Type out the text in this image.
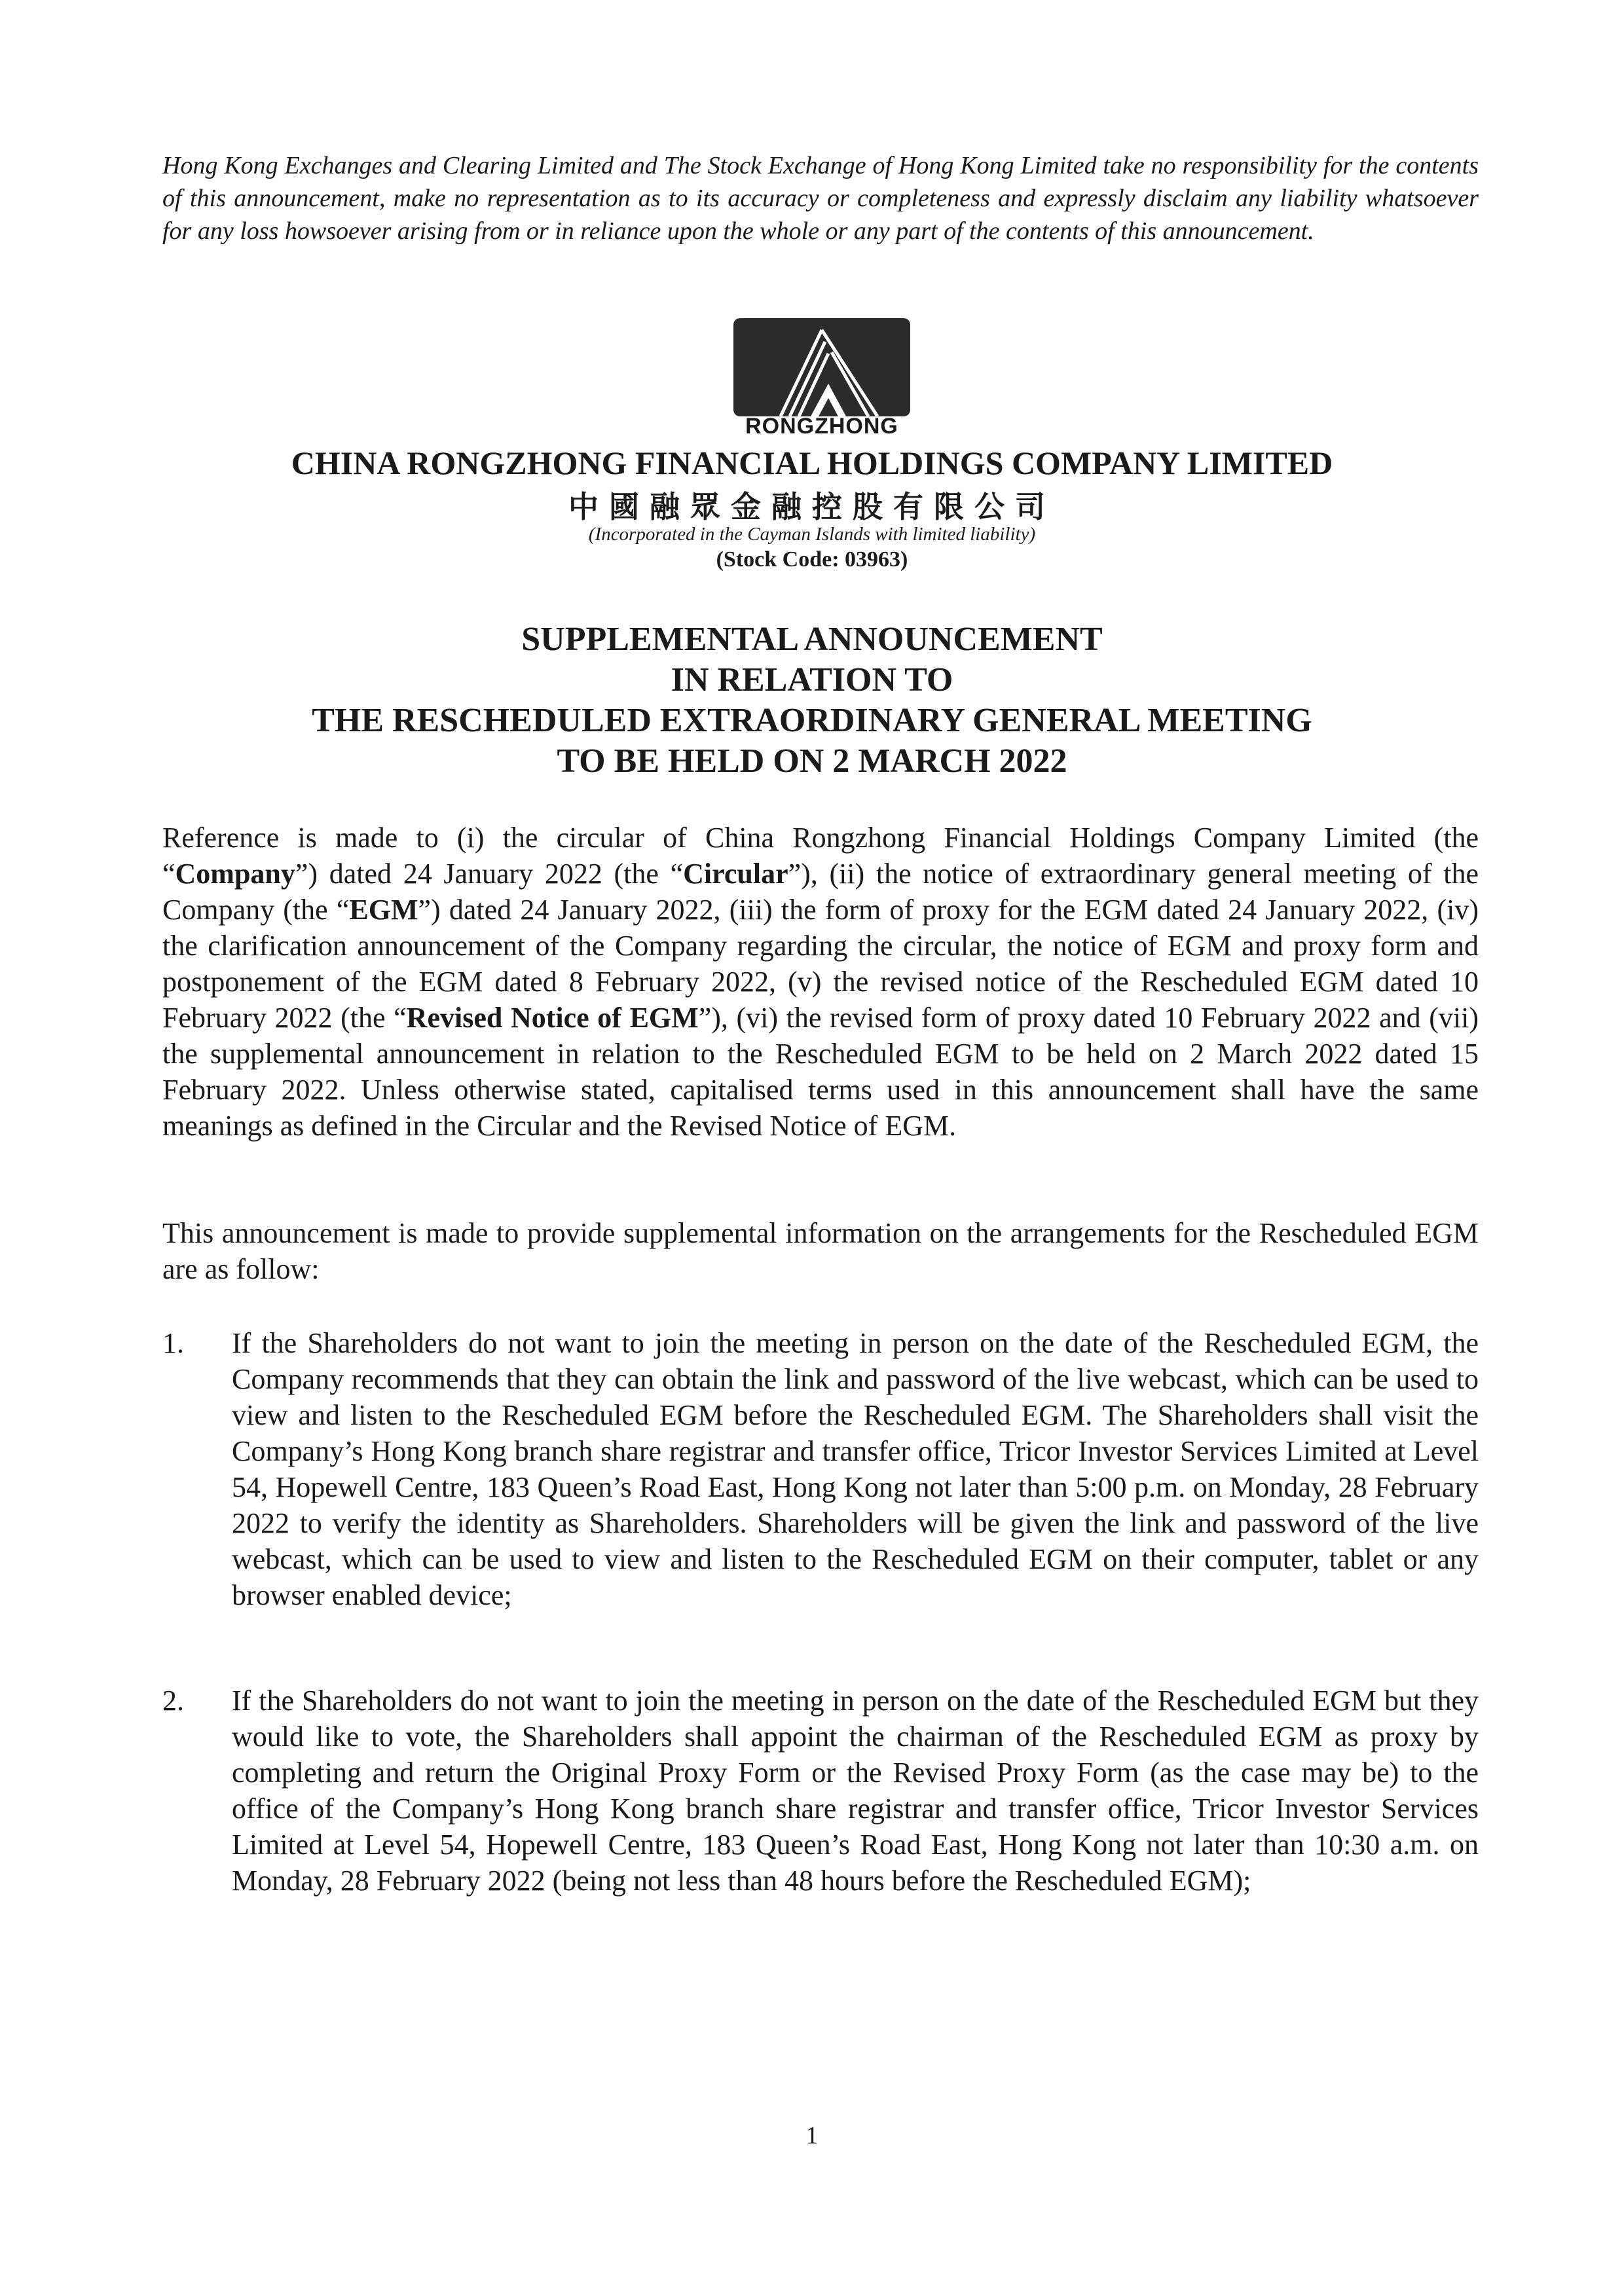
Hong Kong Exchanges and Clearing Limited and The Stock Exchange of Hong Kong Limited take no responsibility for the contents of this announcement, make no representation as to its accuracy or completeness and expressly disclaim any liability whatsoever for any loss howsoever arising from or in reliance upon the whole or any part of the contents of this announcement.

RONGZHONG

CHINA RONGZHONG FINANCIAL HOLDINGS COMPANY LIMITED

中國融眾金融控股有限公司

(Incorporated in the Cayman Islands with limited liability)

(Stock Code: 03963)

SUPPLEMENTAL ANNOUNCEMENT
IN RELATION TO
THE RESCHEDULED EXTRAORDINARY GENERAL MEETING
TO BE HELD ON 2 MARCH 2022

Reference is made to (i) the circular of China Rongzhong Financial Holdings Company Limited (the “Company”) dated 24 January 2022 (the “Circular”), (ii) the notice of extraordinary general meeting of the Company (the “EGM”) dated 24 January 2022, (iii) the form of proxy for the EGM dated 24 January 2022, (iv) the clarification announcement of the Company regarding the circular, the notice of EGM and proxy form and postponement of the EGM dated 8 February 2022, (v) the revised notice of the Rescheduled EGM dated 10 February 2022 (the “Revised Notice of EGM”), (vi) the revised form of proxy dated 10 February 2022 and (vii) the supplemental announcement in relation to the Rescheduled EGM to be held on 2 March 2022 dated 15 February 2022. Unless otherwise stated, capitalised terms used in this announcement shall have the same meanings as defined in the Circular and the Revised Notice of EGM.

This announcement is made to provide supplemental information on the arrangements for the Rescheduled EGM are as follow:

1.	If the Shareholders do not want to join the meeting in person on the date of the Rescheduled EGM, the Company recommends that they can obtain the link and password of the live webcast, which can be used to view and listen to the Rescheduled EGM before the Rescheduled EGM. The Shareholders shall visit the Company’s Hong Kong branch share registrar and transfer office, Tricor Investor Services Limited at Level 54, Hopewell Centre, 183 Queen’s Road East, Hong Kong not later than 5:00 p.m. on Monday, 28 February 2022 to verify the identity as Shareholders. Shareholders will be given the link and password of the live webcast, which can be used to view and listen to the Rescheduled EGM on their computer, tablet or any browser enabled device;
2.	If the Shareholders do not want to join the meeting in person on the date of the Rescheduled EGM but they would like to vote, the Shareholders shall appoint the chairman of the Rescheduled EGM as proxy by completing and return the Original Proxy Form or the Revised Proxy Form (as the case may be) to the office of the Company’s Hong Kong branch share registrar and transfer office, Tricor Investor Services Limited at Level 54, Hopewell Centre, 183 Queen’s Road East, Hong Kong not later than 10:30 a.m. on Monday, 28 February 2022 (being not less than 48 hours before the Rescheduled EGM);
1
